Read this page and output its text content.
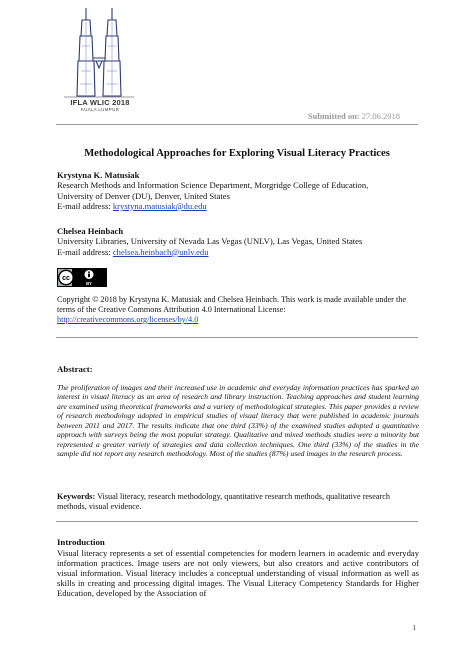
IFLA WLIC 2018
KUALA LUMPUR
Submitted on: 27.06.2018
Methodological Approaches for Exploring Visual Literacy Practices
Krystyna K. Matusiak
Research Methods and Information Science Department, Morgridge College of Education,
University of Denver (DU), Denver, United States
E-mail address: krystyna.matusiak@du.edu
Chelsea Heinbach
University Libraries, University of Nevada Las Vegas (UNLV), Las Vegas, United States
E-mail address: chelsea.heinbach@unlv.edu
cc
BY
Copyright © 2018 by Krystyna K. Matusiak and Chelsea Heinbach. This work is made available under the terms of the Creative Commons Attribution 4.0 International License: http://creativecommons.org/licenses/by/4.0
Abstract:
The proliferation of images and their increased use in academic and everyday information practices has sparked an interest in visual literacy as an area of research and library instruction. Teaching approaches and student learning are examined using theoretical frameworks and a variety of methodological strategies. This paper provides a review of research methodology adopted in empirical studies of visual literacy that were published in academic journals between 2011 and 2017. The results indicate that one third (33%) of the examined studies adopted a quantitative approach with surveys being the most popular strategy. Qualitative and mixed methods studies were a minority but represented a greater variety of strategies and data collection techniques. One third (33%) of the studies in the sample did not report any research methodology. Most of the studies (87%) used images in the research process.
Keywords: Visual literacy, research methodology, quantitative research methods, qualitative research methods, visual evidence.
Introduction
Visual literacy represents a set of essential competencies for modern learners in academic and everyday information practices. Image users are not only viewers, but also creators and active contributors of visual information. Visual literacy includes a conceptual understanding of visual information as well as skills in creating and processing digital images. The Visual Literacy Competency Standards for Higher Education, developed by the Association of
1
